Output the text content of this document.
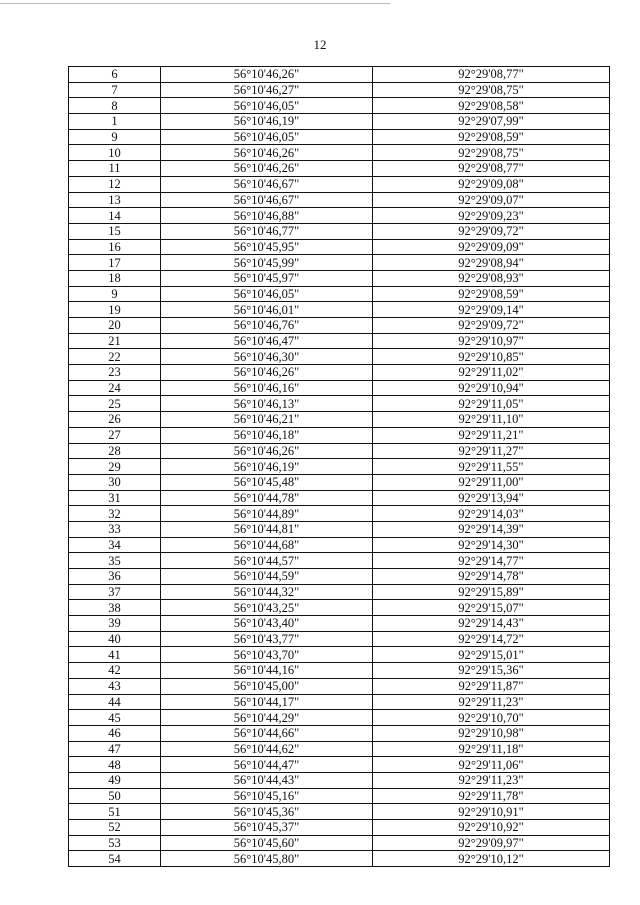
12
6	56°10'46,26"	92°29'08,77"
7	56°10'46,27"	92°29'08,75"
8	56°10'46,05"	92°29'08,58"
1	56°10'46,19"	92°29'07,99"
9	56°10'46,05"	92°29'08,59"
10	56°10'46,26"	92°29'08,75"
11	56°10'46,26"	92°29'08,77"
12	56°10'46,67"	92°29'09,08"
13	56°10'46,67"	92°29'09,07"
14	56°10'46,88"	92°29'09,23"
15	56°10'46,77"	92°29'09,72"
16	56°10'45,95"	92°29'09,09"
17	56°10'45,99"	92°29'08,94"
18	56°10'45,97"	92°29'08,93"
9	56°10'46,05"	92°29'08,59"
19	56°10'46,01"	92°29'09,14"
20	56°10'46,76"	92°29'09,72"
21	56°10'46,47"	92°29'10,97"
22	56°10'46,30"	92°29'10,85"
23	56°10'46,26"	92°29'11,02"
24	56°10'46,16"	92°29'10,94"
25	56°10'46,13"	92°29'11,05"
26	56°10'46,21"	92°29'11,10"
27	56°10'46,18"	92°29'11,21"
28	56°10'46,26"	92°29'11,27"
29	56°10'46,19"	92°29'11,55"
30	56°10'45,48"	92°29'11,00"
31	56°10'44,78"	92°29'13,94"
32	56°10'44,89"	92°29'14,03"
33	56°10'44,81"	92°29'14,39"
34	56°10'44,68"	92°29'14,30"
35	56°10'44,57"	92°29'14,77"
36	56°10'44,59"	92°29'14,78"
37	56°10'44,32"	92°29'15,89"
38	56°10'43,25"	92°29'15,07"
39	56°10'43,40"	92°29'14,43"
40	56°10'43,77"	92°29'14,72"
41	56°10'43,70"	92°29'15,01"
42	56°10'44,16"	92°29'15,36"
43	56°10'45,00"	92°29'11,87"
44	56°10'44,17"	92°29'11,23"
45	56°10'44,29"	92°29'10,70"
46	56°10'44,66"	92°29'10,98"
47	56°10'44,62"	92°29'11,18"
48	56°10'44,47"	92°29'11,06"
49	56°10'44,43"	92°29'11,23"
50	56°10'45,16"	92°29'11,78"
51	56°10'45,36"	92°29'10,91"
52	56°10'45,37"	92°29'10,92"
53	56°10'45,60"	92°29'09,97"
54	56°10'45,80"	92°29'10,12"
